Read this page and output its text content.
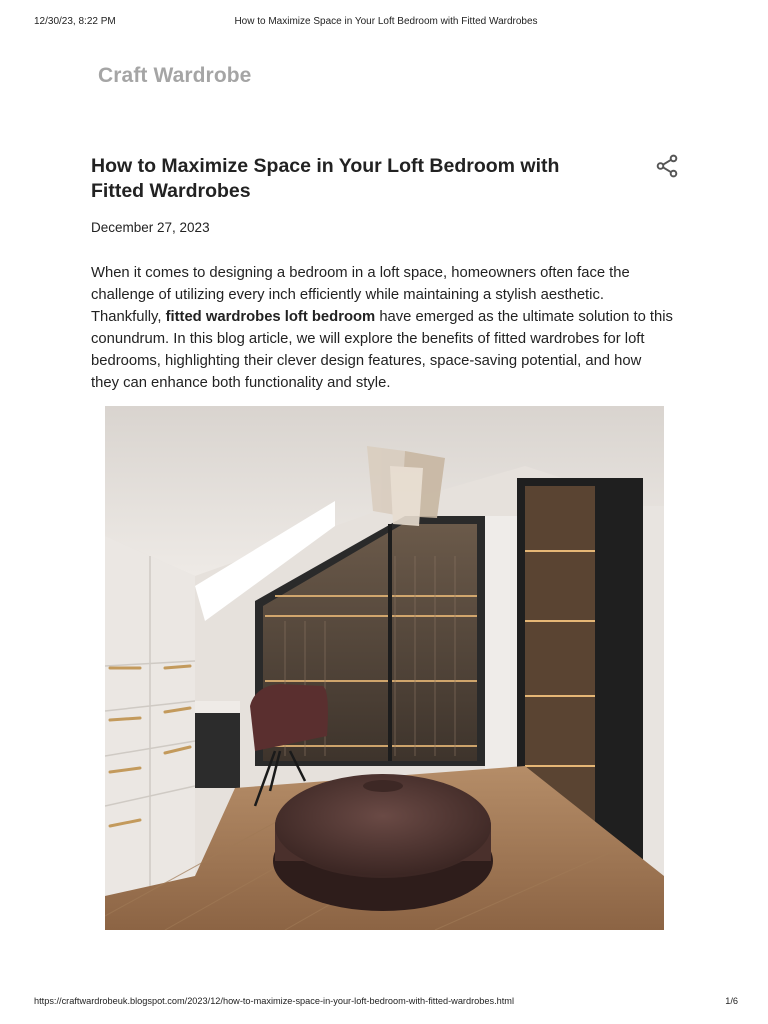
12/30/23, 8:22 PM	How to Maximize Space in Your Loft Bedroom with Fitted Wardrobes
Craft Wardrobe
How to Maximize Space in Your Loft Bedroom with Fitted Wardrobes
December 27, 2023

When it comes to designing a bedroom in a loft space, homeowners often face the challenge of utilizing every inch efficiently while maintaining a stylish aesthetic. Thankfully, fitted wardrobes loft bedroom have emerged as the ultimate solution to this conundrum. In this blog article, we will explore the benefits of fitted wardrobes for loft bedrooms, highlighting their clever design features, space-saving potential, and how they can enhance both functionality and style.

https://craftwardrobeuk.blogspot.com/2023/12/how-to-maximize-space-in-your-loft-bedroom-with-fitted-wardrobes.html	1/6
